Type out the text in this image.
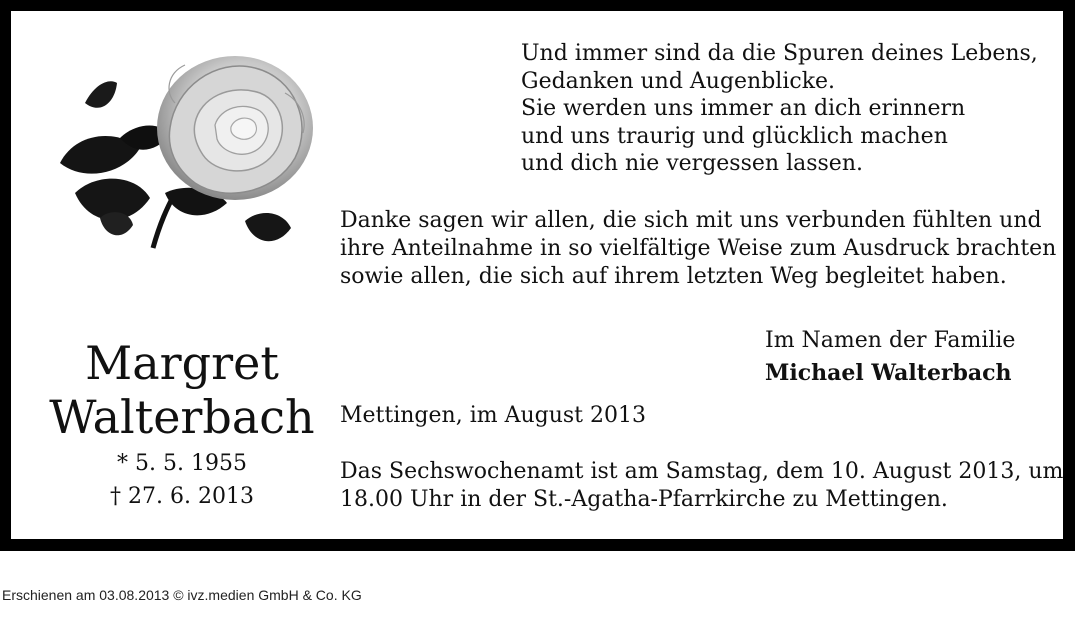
Und immer sind da die Spuren deines Lebens,
Gedanken und Augenblicke.
Sie werden uns immer an dich erinnern
und uns traurig und glücklich machen
und dich nie vergessen lassen.
Danke sagen wir allen, die sich mit uns verbunden fühlten und
ihre Anteilnahme in so vielfältige Weise zum Ausdruck brachten
sowie allen, die sich auf ihrem letzten Weg begleitet haben.
Im Namen der Familie
Michael Walterbach
Margret
Walterbach
* 5. 5. 1955
† 27. 6. 2013
Mettingen, im August 2013
Das Sechswochenamt ist am Samstag, dem 10. August 2013, um
18.00 Uhr in der St.-Agatha-Pfarrkirche zu Mettingen.
Erschienen am 03.08.2013 © ivz.medien GmbH & Co. KG
